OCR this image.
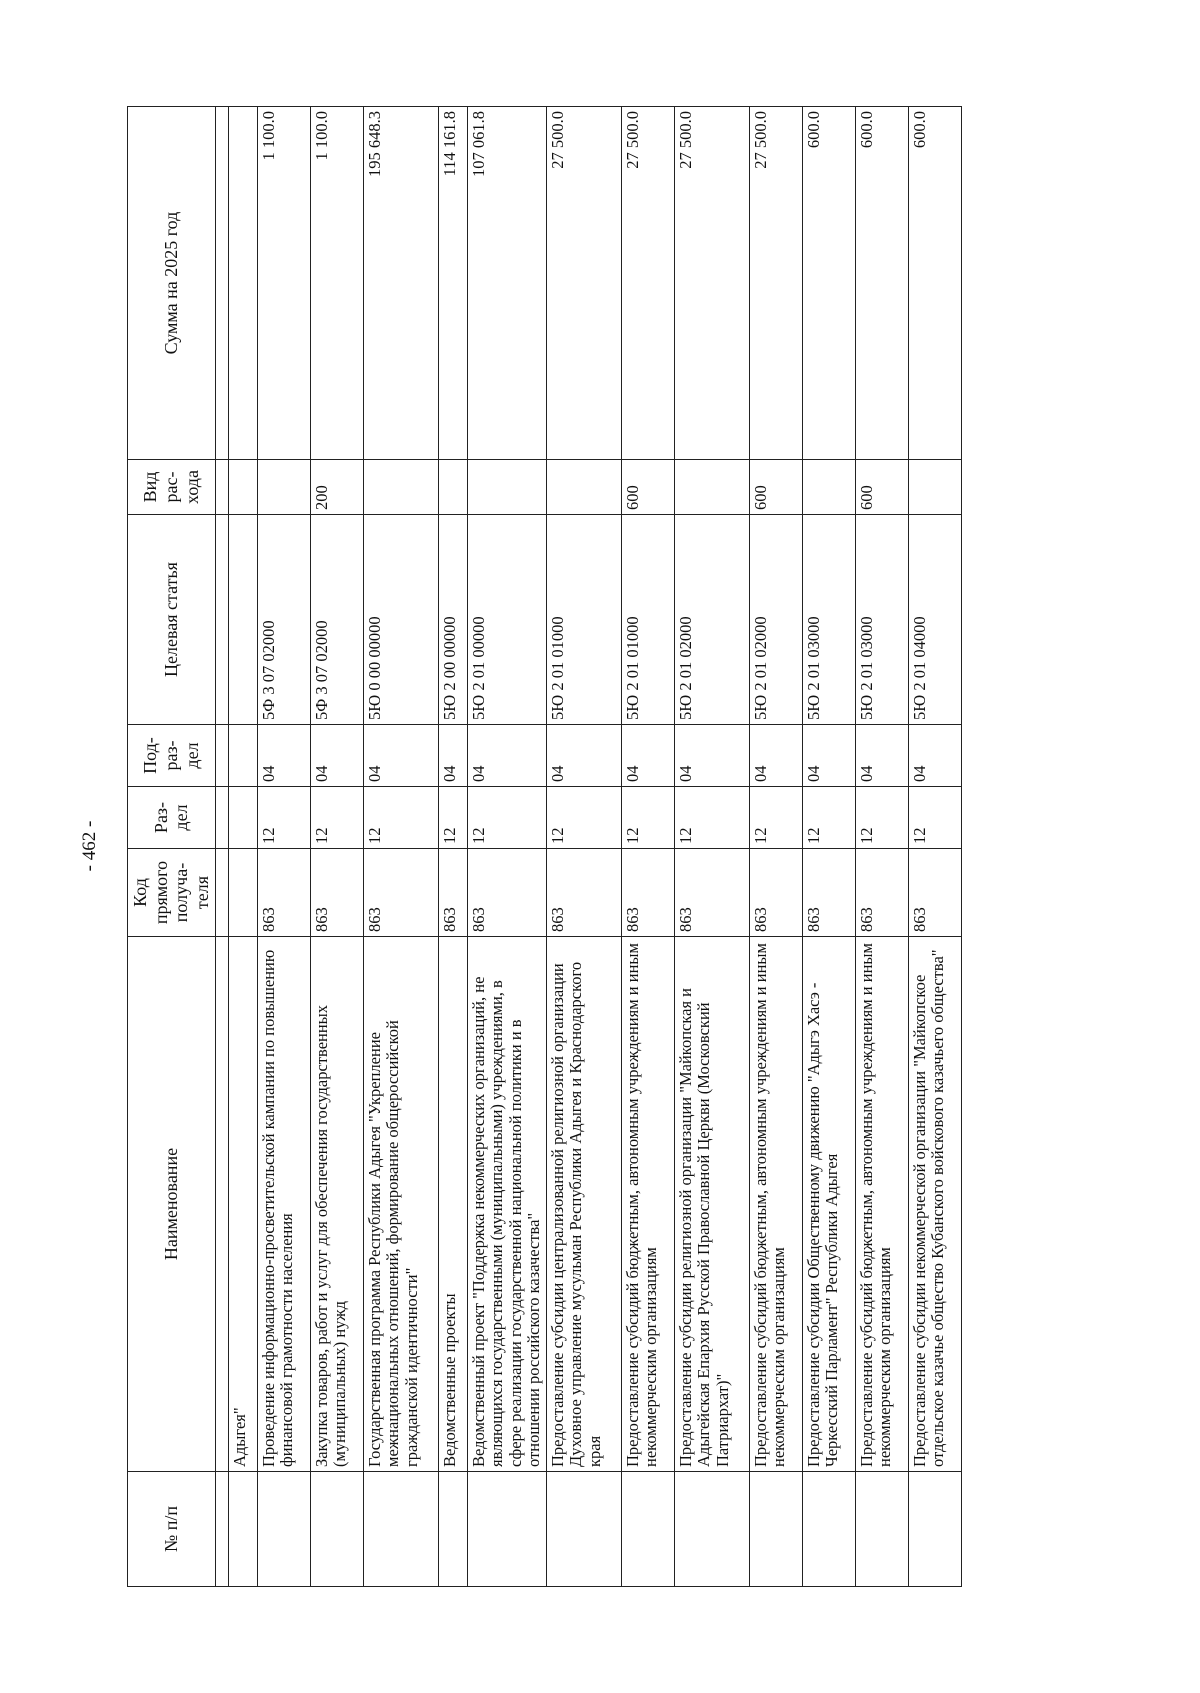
- 462 -
№ п/п	Наименование	Код прямого получа-теля	Раз-дел	Под-раз-дел	Целевая статья	Вид рас-хода	Сумма на 2025 год

	Адыгея"						
	Проведение информационно-просветительской кампании по повышению финансовой грамотности населения	863	12	04	5Ф 3 07 02000		1 100.0
	Закупка товаров, работ и услуг для обеспечения государственных (муниципальных) нужд	863	12	04	5Ф 3 07 02000	200	1 100.0
	Государственная программа Республики Адыгея "Укрепление межнациональных отношений, формирование общероссийской гражданской идентичности"	863	12	04	5Ю 0 00 00000		195 648.3
	Ведомственные проекты	863	12	04	5Ю 2 00 00000		114 161.8
	Ведомственный проект "Поддержка некоммерческих организаций, не являющихся государственными (муниципальными) учреждениями, в сфере реализации государственной национальной политики и в отношении российского казачества"	863	12	04	5Ю 2 01 00000		107 061.8
	Предоставление субсидии централизованной религиозной организации Духовное управление мусульман Республики Адыгея и Краснодарского края	863	12	04	5Ю 2 01 01000		27 500.0
	Предоставление субсидий бюджетным, автономным учреждениям и иным некоммерческим организациям	863	12	04	5Ю 2 01 01000	600	27 500.0
	Предоставление субсидии религиозной организации "Майкопская и Адыгейская Епархия Русской Православной Церкви (Московский Патриархат)"	863	12	04	5Ю 2 01 02000		27 500.0
	Предоставление субсидий бюджетным, автономным учреждениям и иным некоммерческим организациям	863	12	04	5Ю 2 01 02000	600	27 500.0
	Предоставление субсидии Общественному движению "Адыгэ Хасэ - Черкесский Парламент" Республики Адыгея	863	12	04	5Ю 2 01 03000		600.0
	Предоставление субсидий бюджетным, автономным учреждениям и иным некоммерческим организациям	863	12	04	5Ю 2 01 03000	600	600.0
	Предоставление субсидии некоммерческой организации "Майкопское отдельское казачье общество Кубанского войскового казачьего общества"	863	12	04	5Ю 2 01 04000		600.0
